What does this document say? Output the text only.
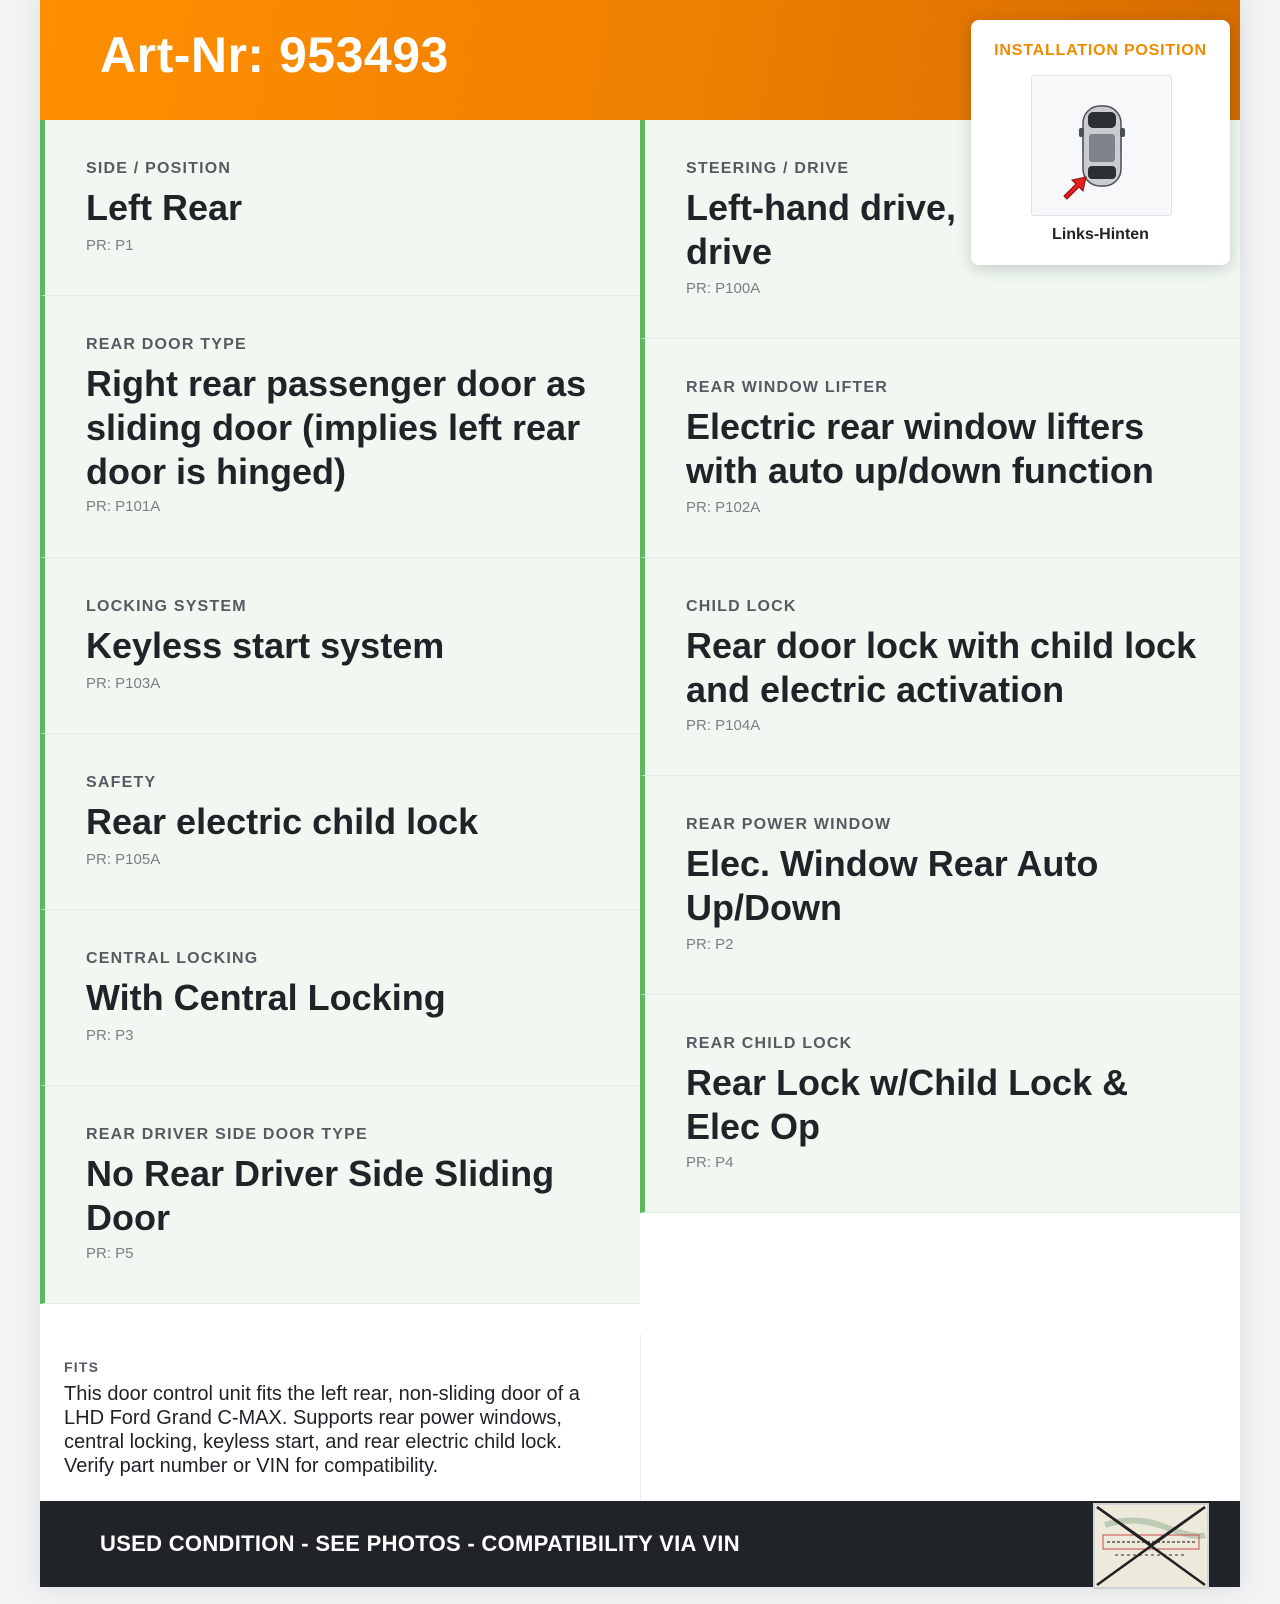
Art-Nr: 953493
SIDE / POSITION
Left Rear
PR: P1
REAR DOOR TYPE
Right rear passenger door as sliding door (implies left rear door is hinged)
PR: P101A
LOCKING SYSTEM
Keyless start system
PR: P103A
SAFETY
Rear electric child lock
PR: P105A
CENTRAL LOCKING
With Central Locking
PR: P3
REAR DRIVER SIDE DOOR TYPE
No Rear Driver Side Sliding Door
PR: P5
STEERING / DRIVE
Left-hand drive, drive
PR: P100A
REAR WINDOW LIFTER
Electric rear window lifters with auto up/down function
PR: P102A
CHILD LOCK
Rear door lock with child lock and electric activation
PR: P104A
REAR POWER WINDOW
Elec. Window Rear Auto Up/Down
PR: P2
REAR CHILD LOCK
Rear Lock w/Child Lock & Elec Op
PR: P4
INSTALLATION POSITION
Links-Hinten
FITS
This door control unit fits the left rear, non-sliding door of a LHD Ford Grand C-MAX. Supports rear power windows, central locking, keyless start, and rear electric child lock. Verify part number or VIN for compatibility.
USED CONDITION - SEE PHOTOS - COMPATIBILITY VIA VIN
